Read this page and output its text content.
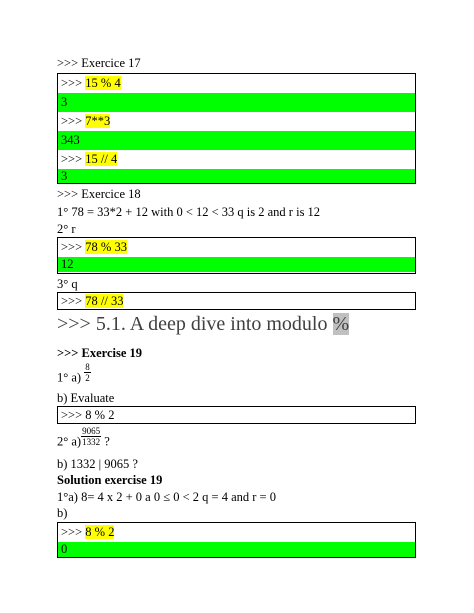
>>> Exercice 17
>>> 15 % 4
3
>>> 7**3
343
>>> 15 // 4
3
>>> Exercice 18
1° 78 = 33*2 + 12 with 0 < 12 < 33 q is 2 and r is 12
2° r
>>> 78 % 33
12
3° q
>>> 78 // 33
>>> 5.1. A deep dive into modulo %
>>> Exercise 19
1° $a) \frac{8}{2}$
b) Evaluate
>>> 8 % 2
2° $a) \frac{9065}{1332}$ ?
b) 1332 | 9065 ?
Solution exercise 19
1°a) 8= 4 x 2 + 0 a 0 ≤ 0 < 2 q = 4 and r = 0
b)
>>> 8 % 2
0
